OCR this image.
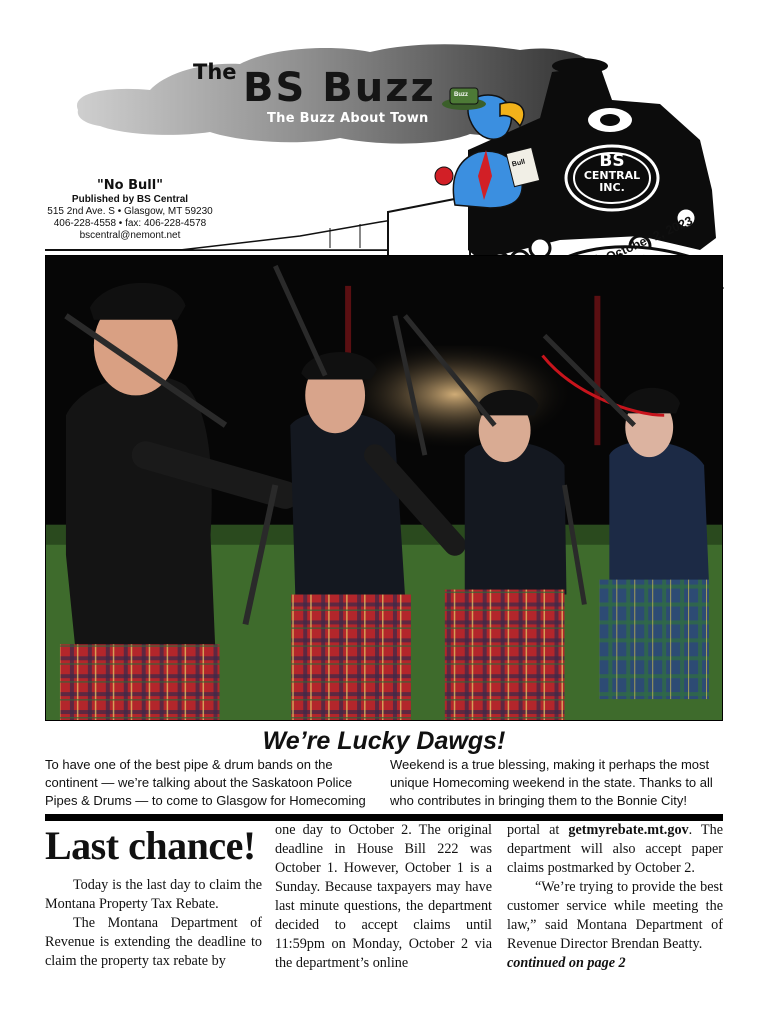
The BS Buzz
The Buzz About Town
Buzz
Bull	BS
CENTRAL
INC.
"No Bull"
Published by BS Central
515 2nd Ave. S • Glasgow, MT 59230
406-228-4558 • fax: 406-228-4578
bscentral@nemont.net
We’re Lucky Dawgs!
To have one of the best pipe & drum bands on the continent — we’re talking about the Saskatoon Police Pipes & Drums — to come to Glasgow for Homecoming
Weekend is a true blessing, making it perhaps the most unique Homecoming weekend in the state. Thanks to all who contributes in bringing them to the Bonnie City!
Last chance!

Today is the last day to claim the Montana Property Tax Rebate.

The Montana Department of Revenue is extending the deadline to claim the property tax rebate by

one day to October 2. The original deadline in House Bill 222 was October 1. However, October 1 is a Sunday. Because taxpayers may have last minute questions, the department decided to accept claims until 11:59pm on Monday, October 2 via the department’s online

portal at getmyrebate.mt.gov. The department will also accept paper claims postmarked by October 2.

“We’re trying to provide the best customer service while meeting the law,” said Montana Department of Revenue Director Brendan Beatty.

continued on page 2
